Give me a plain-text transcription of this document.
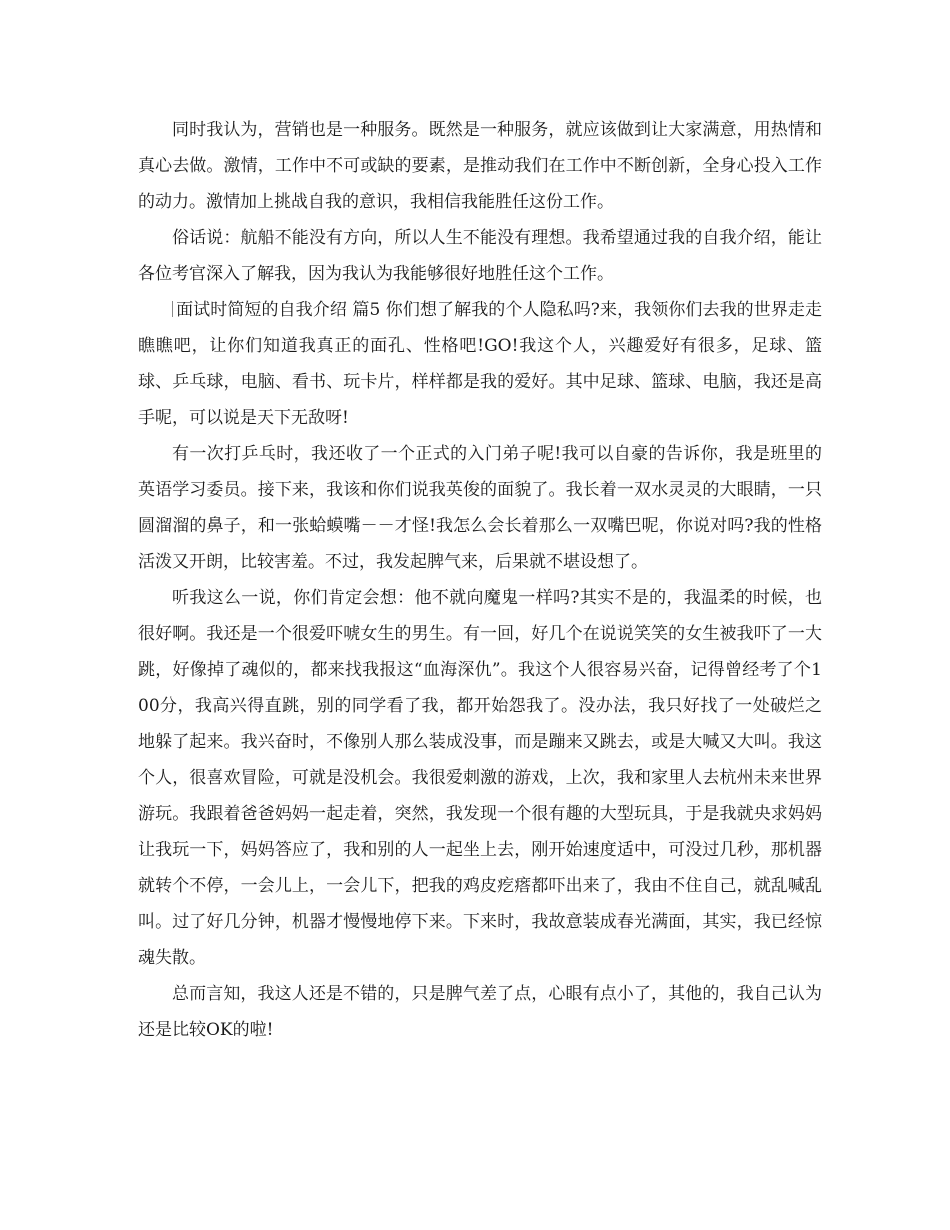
同时我认为，营销也是一种服务。既然是一种服务，就应该做到让大家满意，用热情和真心去做。激情，工作中不可或缺的要素，是推动我们在工作中不断创新，全身心投入工作的动力。激情加上挑战自我的意识，我相信我能胜任这份工作。

俗话说：航船不能没有方向，所以人生不能没有理想。我希望通过我的自我介绍，能让各位考官深入了解我，因为我认为我能够很好地胜任这个工作。

面试时简短的自我介绍 篇5 你们想了解我的个人隐私吗?来，我领你们去我的世界走走瞧瞧吧，让你们知道我真正的面孔、性格吧!GO!我这个人，兴趣爱好有很多，足球、篮球、乒乓球，电脑、看书、玩卡片，样样都是我的爱好。其中足球、篮球、电脑，我还是高手呢，可以说是天下无敌呀!

有一次打乒乓时，我还收了一个正式的入门弟子呢!我可以自豪的告诉你，我是班里的英语学习委员。接下来，我该和你们说我英俊的面貌了。我长着一双水灵灵的大眼睛，一只圆溜溜的鼻子，和一张蛤蟆嘴－－才怪!我怎么会长着那么一双嘴巴呢，你说对吗?我的性格活泼又开朗，比较害羞。不过，我发起脾气来，后果就不堪设想了。

听我这么一说，你们肯定会想：他不就向魔鬼一样吗?其实不是的，我温柔的时候，也很好啊。我还是一个很爱吓唬女生的男生。有一回，好几个在说说笑笑的女生被我吓了一大跳，好像掉了魂似的，都来找我报这“血海深仇”。我这个人很容易兴奋，记得曾经考了个100分，我高兴得直跳，别的同学看了我，都开始怨我了。没办法，我只好找了一处破烂之地躲了起来。我兴奋时，不像别人那么装成没事，而是蹦来又跳去，或是大喊又大叫。我这个人，很喜欢冒险，可就是没机会。我很爱刺激的游戏，上次，我和家里人去杭州未来世界游玩。我跟着爸爸妈妈一起走着，突然，我发现一个很有趣的大型玩具，于是我就央求妈妈让我玩一下，妈妈答应了，我和别的人一起坐上去，刚开始速度适中，可没过几秒，那机器就转个不停，一会儿上，一会儿下，把我的鸡皮疙瘩都吓出来了，我由不住自己，就乱喊乱叫。过了好几分钟，机器才慢慢地停下来。下来时，我故意装成春光满面，其实，我已经惊魂失散。

总而言知，我这人还是不错的，只是脾气差了点，心眼有点小了，其他的，我自己认为还是比较OK的啦!
